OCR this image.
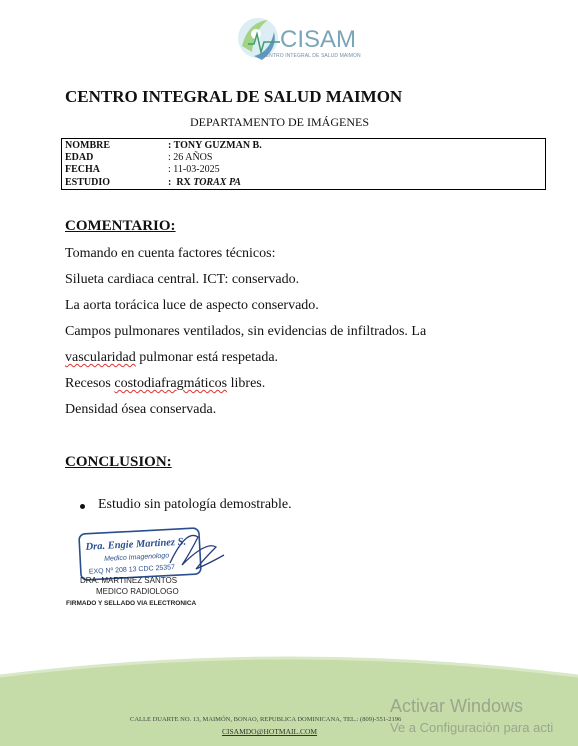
CISAM
CENTRO INTEGRAL DE SALUD MAIMON
CENTRO INTEGRAL DE SALUD MAIMON
DEPARTAMENTO DE IMÁGENES
NOMBRE	: TONY GUZMAN B.
EDAD	: 26 AÑOS
FECHA	: 11-03-2025
ESTUDIO	:  RX TORAX PA
COMENTARIO:
Tomando en cuenta factores técnicos:
Silueta cardiaca central. ICT: conservado.
La aorta torácica luce de aspecto conservado.
Campos pulmonares ventilados, sin evidencias de infiltrados. La
vascularidad pulmonar está respetada.
Recesos costodiafragmáticos libres.
Densidad ósea conservada.
CONCLUSION:
Estudio sin patología demostrable.
Dra. Engie Martinez S.
Medico Imagenologo
EXQ Nº 208 13 CDC 25357
DRA. MARTINEZ SANTOS
MEDICO RADIOLOGO
FIRMADO Y SELLADO VIA ELECTRONICA
CALLE DUARTE NO. 13, MAIMÓN, BONAO, REPUBLICA DOMINICANA, TEL.: (809)-551-2196
CISAMDO@HOTMAIL.COM
Activar Windows
Ve a Configuración para acti
